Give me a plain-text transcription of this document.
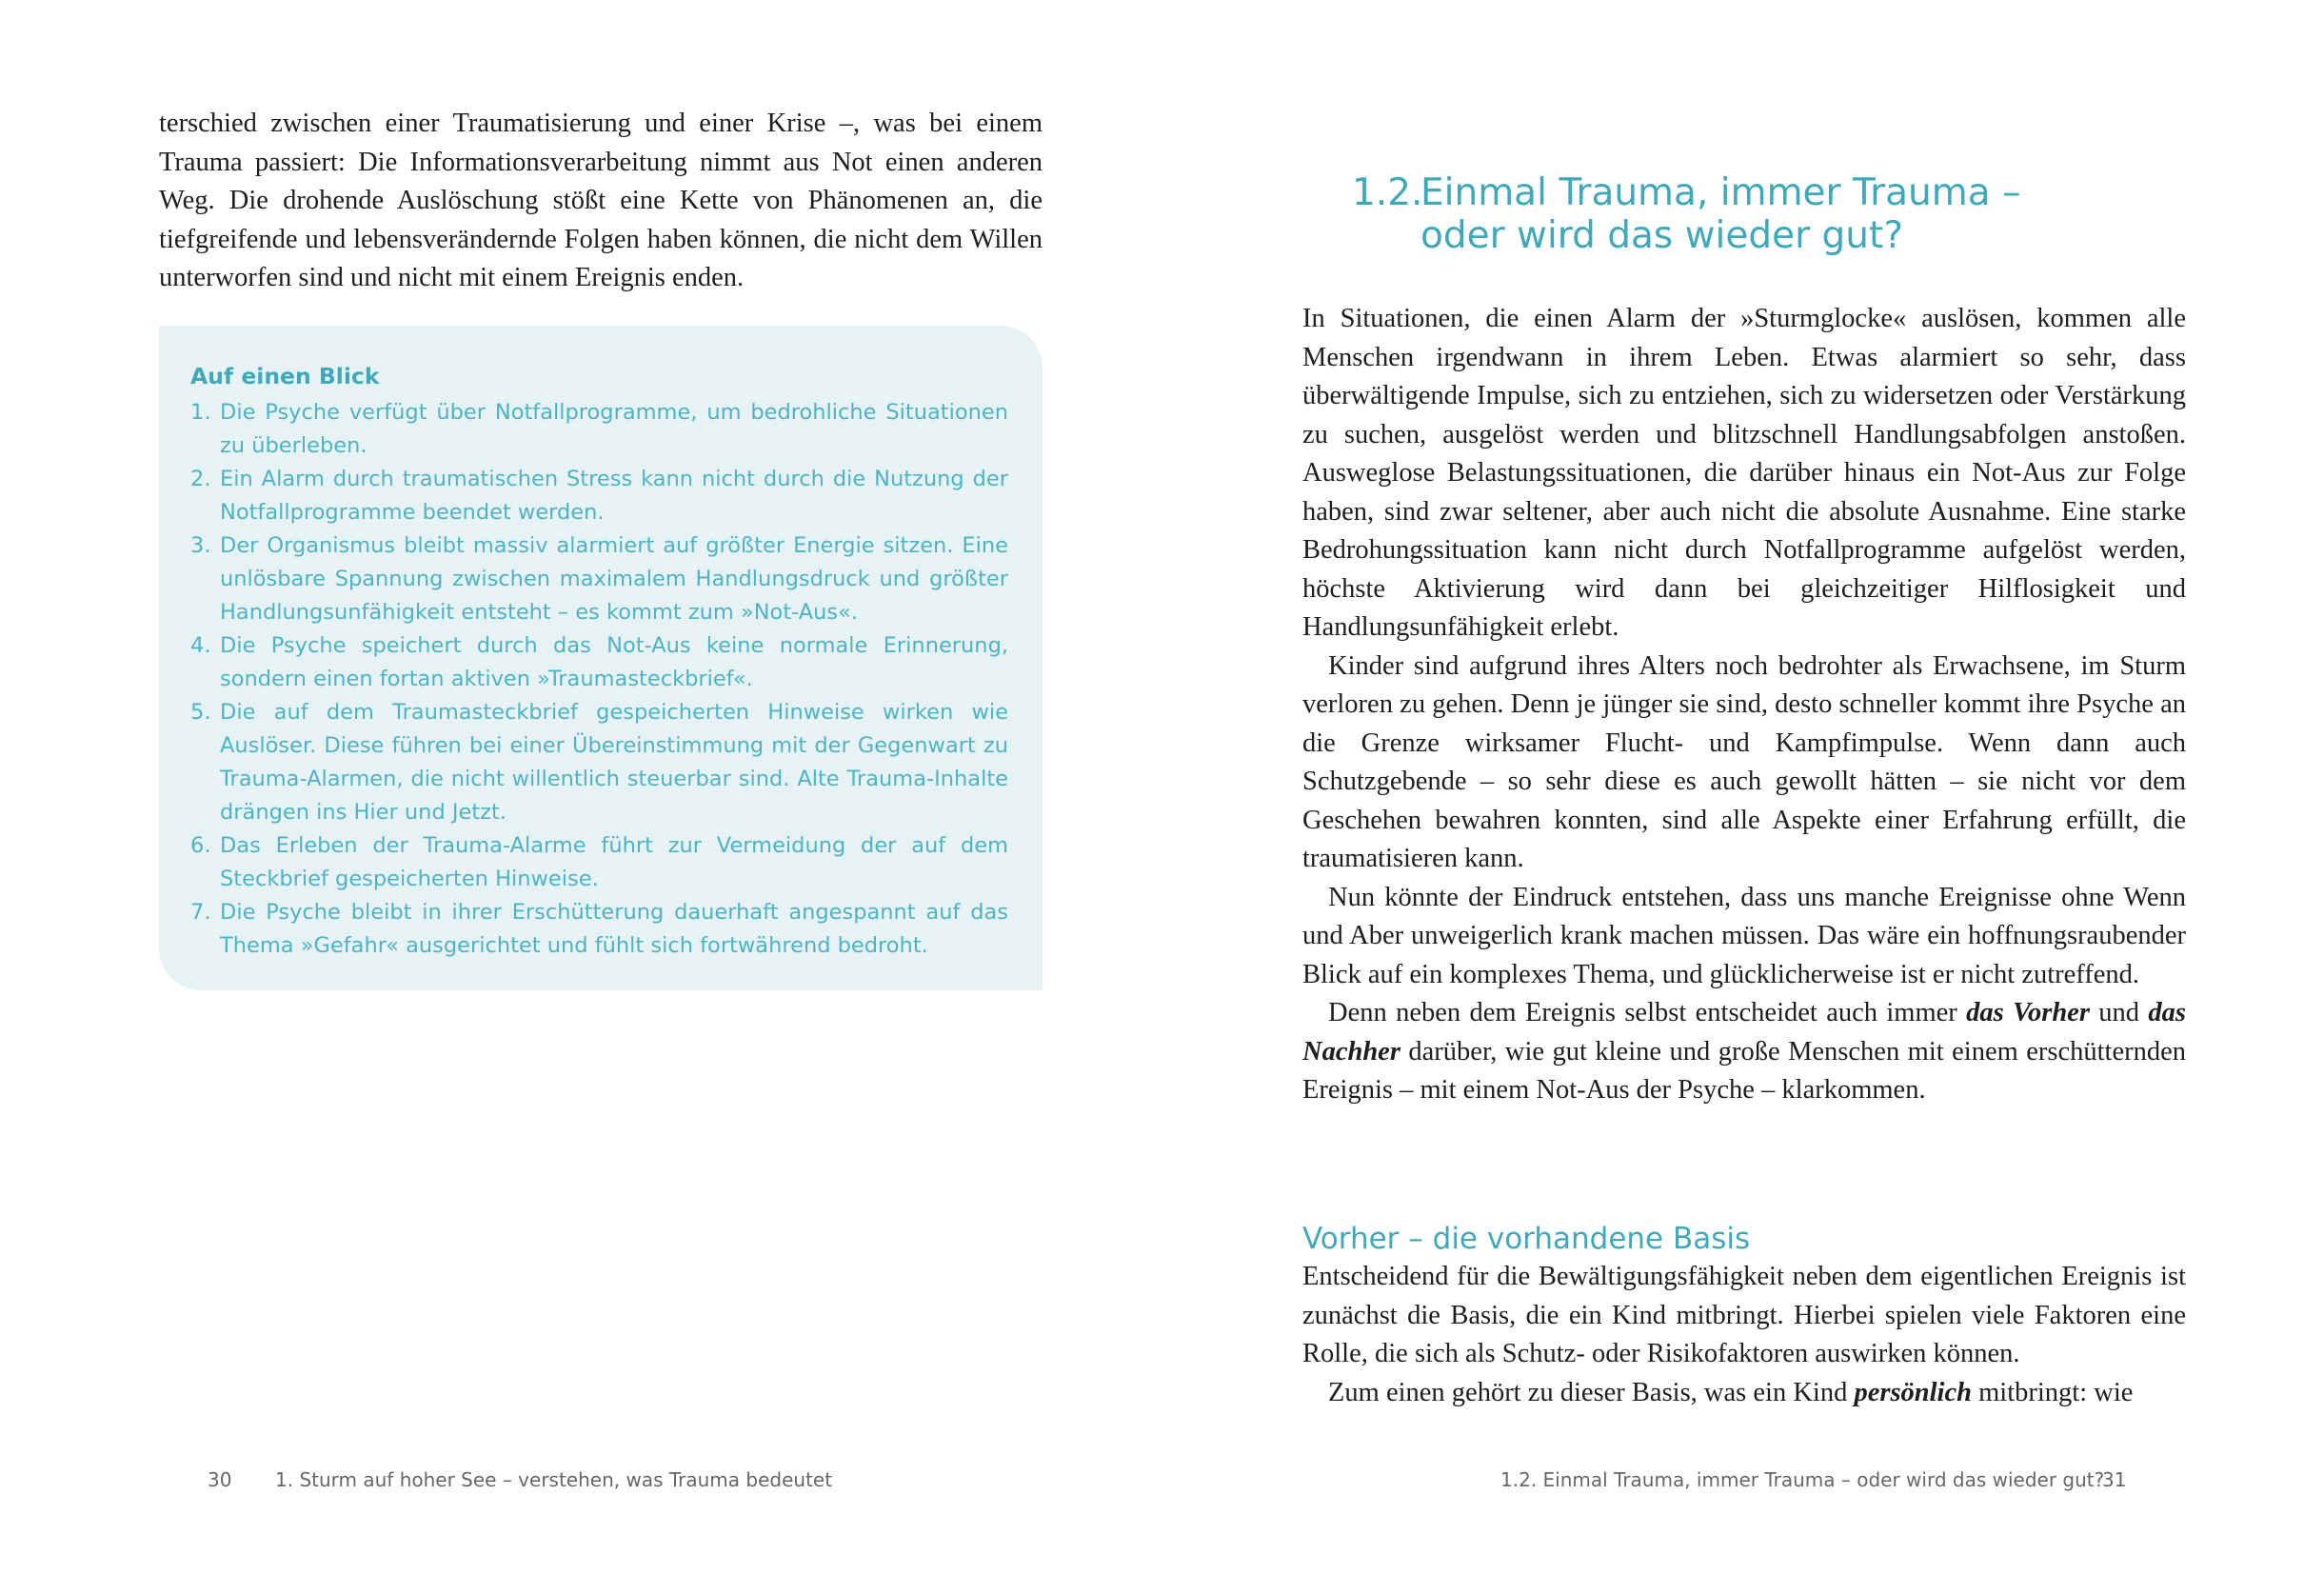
terschied zwischen einer Traumatisierung und einer Krise –, was bei einem Trauma passiert: Die Informationsverarbeitung nimmt aus Not einen anderen Weg. Die drohende Auslöschung stößt eine Kette von Phänomenen an, die tiefgreifende und lebensverändernde Folgen haben können, die nicht dem Willen unterworfen sind und nicht mit einem Ereignis enden.

Auf einen Blick
1. Die Psyche verfügt über Notfallprogramme, um bedrohliche Situationen zu überleben.
2. Ein Alarm durch traumatischen Stress kann nicht durch die Nutzung der Notfallprogramme beendet werden.
3. Der Organismus bleibt massiv alarmiert auf größter Energie sitzen. Eine unlösbare Spannung zwischen maximalem Handlungsdruck und größter Handlungsunfähigkeit entsteht – es kommt zum »Not-Aus«.
4. Die Psyche speichert durch das Not-Aus keine normale Erinnerung, sondern einen fortan aktiven »Traumasteckbrief«.
5. Die auf dem Traumasteckbrief gespeicherten Hinweise wirken wie Auslöser. Diese führen bei einer Übereinstimmung mit der Gegenwart zu Trauma-Alarmen, die nicht willentlich steuerbar sind. Alte Trauma-Inhalte drängen ins Hier und Jetzt.
6. Das Erleben der Trauma-Alarme führt zur Vermeidung der auf dem Steckbrief gespeicherten Hinweise.
7. Die Psyche bleibt in ihrer Erschütterung dauerhaft angespannt auf das Thema »Gefahr« ausgerichtet und fühlt sich fortwährend bedroht.
30 1. Sturm auf hoher See – verstehen, was Trauma bedeutet
1.2.Einmal Trauma, immer Trauma –
oder wird das wieder gut?

In Situationen, die einen Alarm der »Sturmglocke« auslösen, kommen alle Menschen irgendwann in ihrem Leben. Etwas alarmiert so sehr, dass überwältigende Impulse, sich zu entziehen, sich zu widersetzen oder Verstärkung zu suchen, ausgelöst werden und blitzschnell Handlungsabfolgen anstoßen. Ausweglose Belastungssituationen, die darüber hinaus ein Not-Aus zur Folge haben, sind zwar seltener, aber auch nicht die absolute Ausnahme. Eine starke Bedrohungssituation kann nicht durch Notfallprogramme aufgelöst werden, höchste Aktivierung wird dann bei gleichzeitiger Hilflosigkeit und Handlungsunfähigkeit erlebt.

Kinder sind aufgrund ihres Alters noch bedrohter als Erwachsene, im Sturm verloren zu gehen. Denn je jünger sie sind, desto schneller kommt ihre Psyche an die Grenze wirksamer Flucht- und Kampfimpulse. Wenn dann auch Schutzgebende – so sehr diese es auch gewollt hätten – sie nicht vor dem Geschehen bewahren konnten, sind alle Aspekte einer Erfahrung erfüllt, die traumatisieren kann.

Nun könnte der Eindruck entstehen, dass uns manche Ereignisse ohne Wenn und Aber unweigerlich krank machen müssen. Das wäre ein hoffnungsraubender Blick auf ein komplexes Thema, und glücklicherweise ist er nicht zutreffend.

Denn neben dem Ereignis selbst entscheidet auch immer das Vorher und das Nachher darüber, wie gut kleine und große Menschen mit einem erschütternden Ereignis – mit einem Not-Aus der Psyche – klarkommen.

Vorher – die vorhandene Basis

Entscheidend für die Bewältigungsfähigkeit neben dem eigentlichen Ereignis ist zunächst die Basis, die ein Kind mitbringt. Hierbei spielen viele Faktoren eine Rolle, die sich als Schutz- oder Risikofaktoren auswirken können.

Zum einen gehört zu dieser Basis, was ein Kind persönlich mitbringt: wie

1.2. Einmal Trauma, immer Trauma – oder wird das wieder gut?
31
